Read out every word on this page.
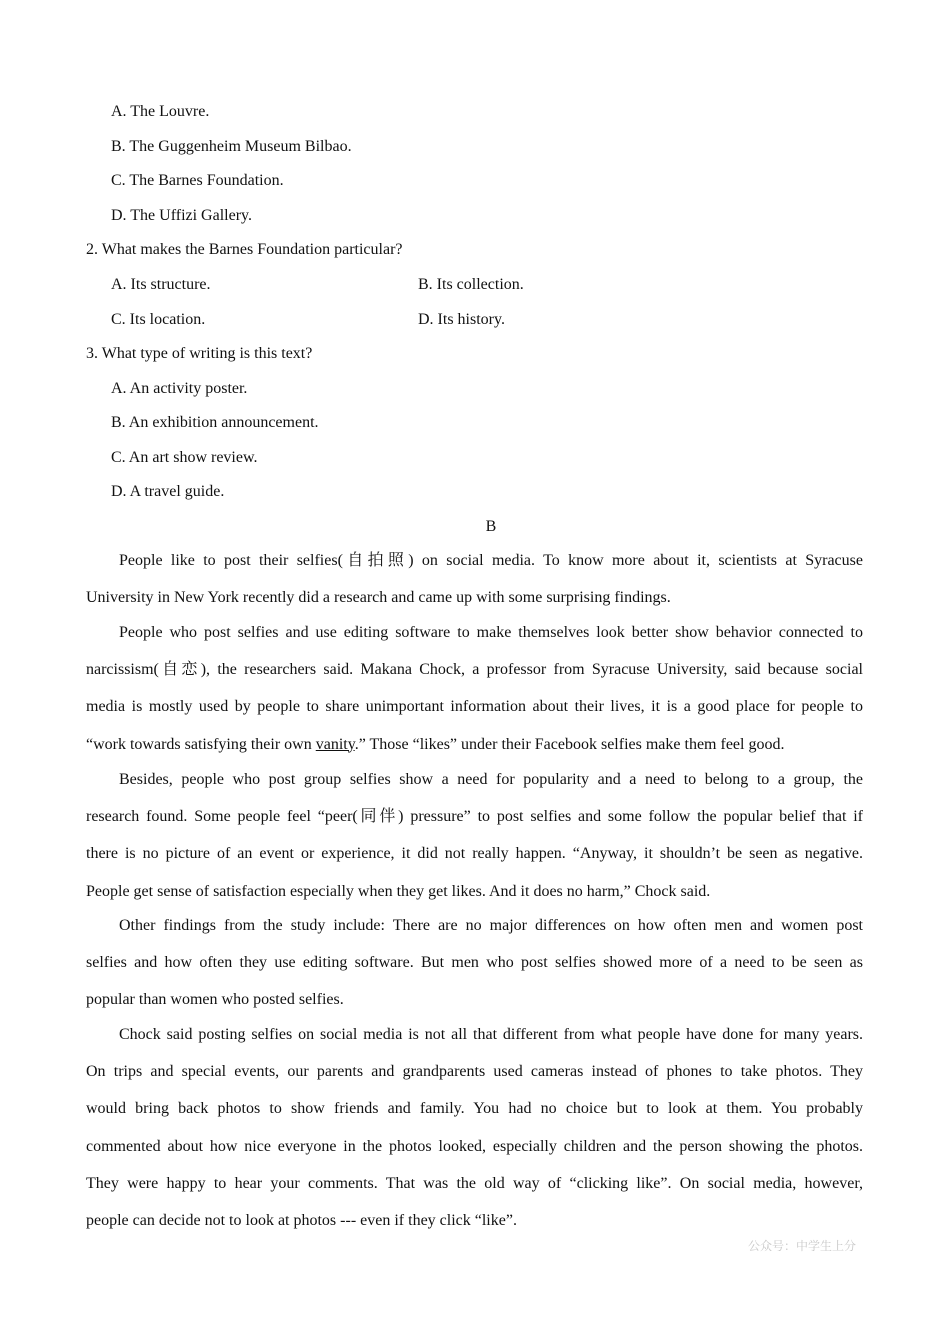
A. The Louvre.
B. The Guggenheim Museum Bilbao.
C. The Barnes Foundation.
D. The Uffizi Gallery.
2. What makes the Barnes Foundation particular?
A. Its structure.	B. Its collection.
C. Its location.	D. Its history.
3. What type of writing is this text?
A. An activity poster.
B. An exhibition announcement.
C. An art show review.
D. A travel guide.
B
People like to post their selfies(自拍照) on social media. To know more about it, scientists at Syracuse
University in New York recently did a research and came up with some surprising findings.
People who post selfies and use editing software to make themselves look better show behavior connected to
narcissism(自恋), the researchers said. Makana Chock, a professor from Syracuse University, said because social
media is mostly used by people to share unimportant information about their lives, it is a good place for people to
“work towards satisfying their own vanity.” Those “likes” under their Facebook selfies make them feel good.
Besides, people who post group selfies show a need for popularity and a need to belong to a group, the
research found. Some people feel “peer(同伴) pressure” to post selfies and some follow the popular belief that if
there is no picture of an event or experience, it did not really happen. “Anyway, it shouldn’t be seen as negative.
People get sense of satisfaction especially when they get likes. And it does no harm,” Chock said.
Other findings from the study include: There are no major differences on how often men and women post
selfies and how often they use editing software. But men who post selfies showed more of a need to be seen as
popular than women who posted selfies.
Chock said posting selfies on social media is not all that different from what people have done for many years.
On trips and special events, our parents and grandparents used cameras instead of phones to take photos. They
would bring back photos to show friends and family. You had no choice but to look at them. You probably
commented about how nice everyone in the photos looked, especially children and the person showing the photos.
They were happy to hear your comments. That was the old way of “clicking like”. On social media, however,
people can decide not to look at photos --- even if they click “like”.
公众号：中学生上分
